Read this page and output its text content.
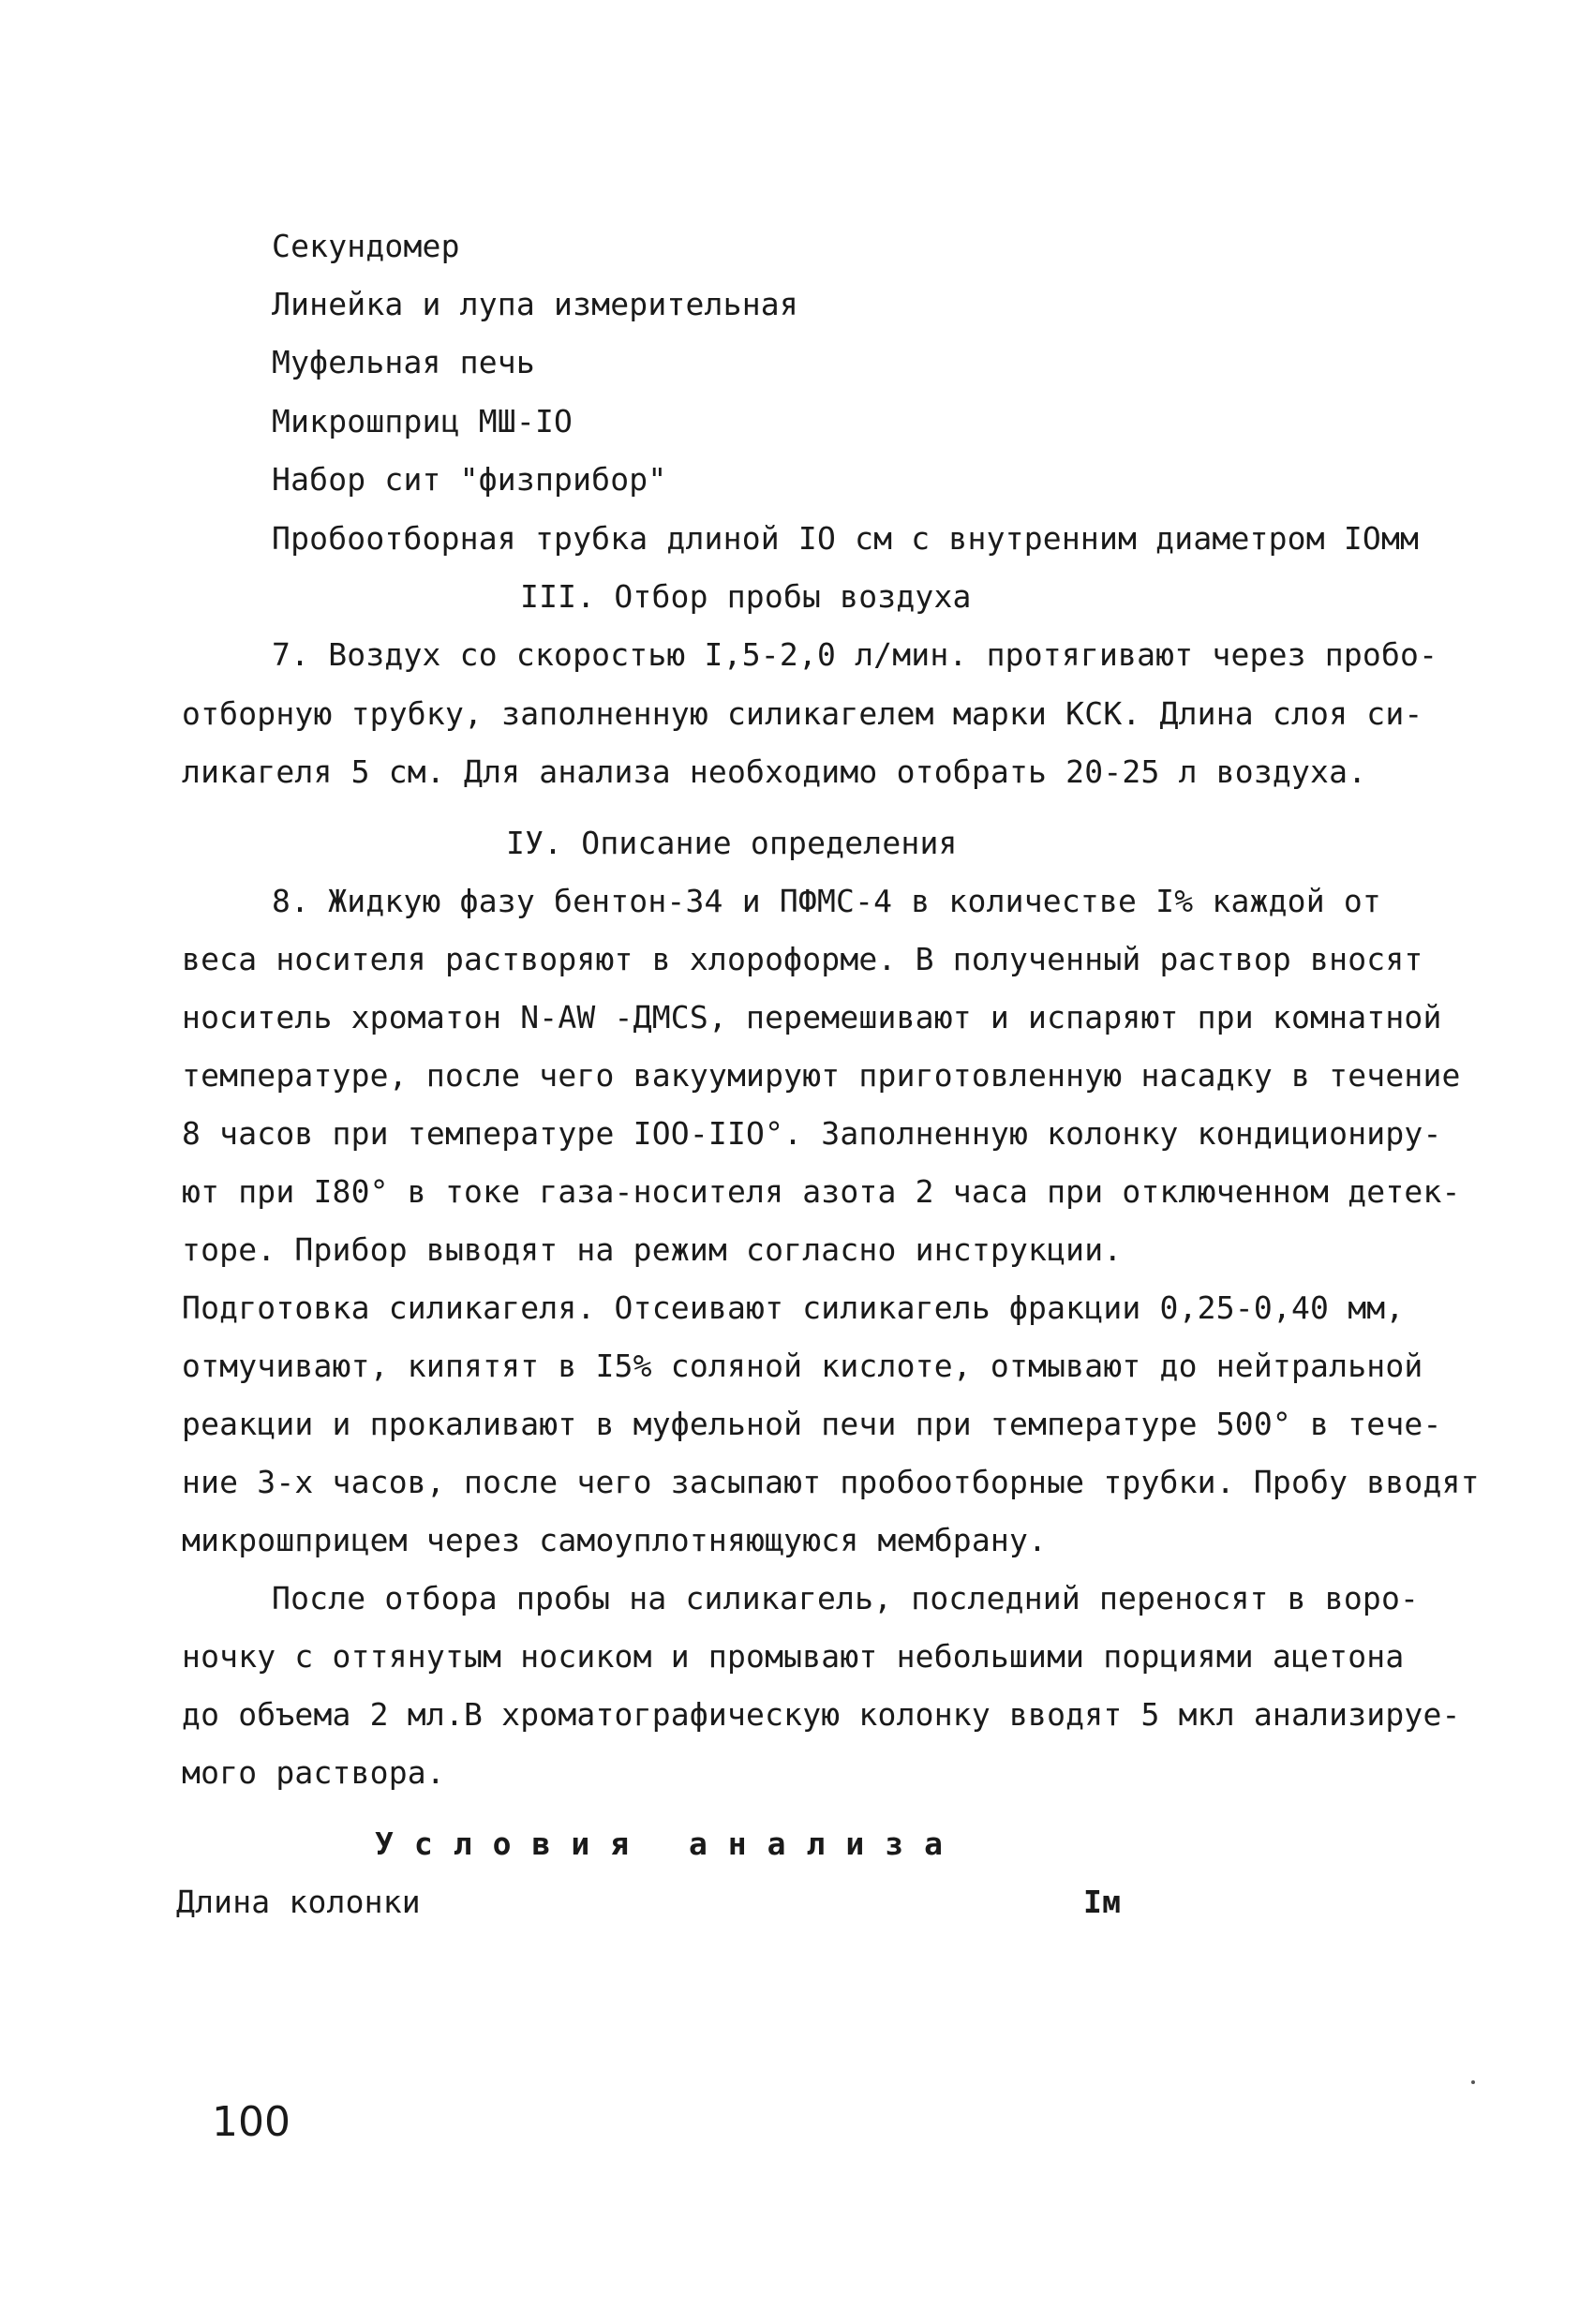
Секундомер
Линейка и лупа измерительная
Муфельная печь
Микрошприц МШ-IO
Набор сит "физприбор"
Пробоотборная трубка длиной IO см с внутренним диаметром IOмм
III. Отбор пробы воздуха
7. Воздух со скоростью I,5-2,0 л/мин. протягивают через пробо-
отборную трубку, заполненную силикагелем марки КСК. Длина слоя си-
ликагеля 5 см. Для анализа необходимо отобрать 20-25 л воздуха.
IУ. Описание определения
8. Жидкую фазу бентон-34 и ПФМС-4 в количестве I% каждой от
веса носителя растворяют в хлороформе. В полученный раствор вносят
носитель хроматон N-AW -ДМCS, перемешивают и испаряют при комнатной
температуре, после чего вакуумируют приготовленную насадку в течение
8 часов при температуре IOO-IIO°. Заполненную колонку кондициониру-
ют при I80° в токе газа-носителя азота 2 часа при отключенном детек-
торе. Прибор выводят на режим согласно инструкции.
Подготовка силикагеля. Отсеивают силикагель фракции 0,25-0,40 мм,
отмучивают, кипятят в I5% соляной кислоте, отмывают до нейтральной
реакции и прокаливают в муфельной печи при температуре 500° в тече-
ние 3-х часов, после чего засыпают пробоотборные трубки. Пробу вводят
микрошприцем через самоуплотняющуюся мембрану.
После отбора пробы на силикагель, последний переносят в воро-
ночку с оттянутым носиком и промывают небольшими порциями ацетона
до объема 2 мл.В хроматографическую колонку вводят 5 мкл анализируе-
мого раствора.
Условия анализа
Длина колонки	Iм
100
